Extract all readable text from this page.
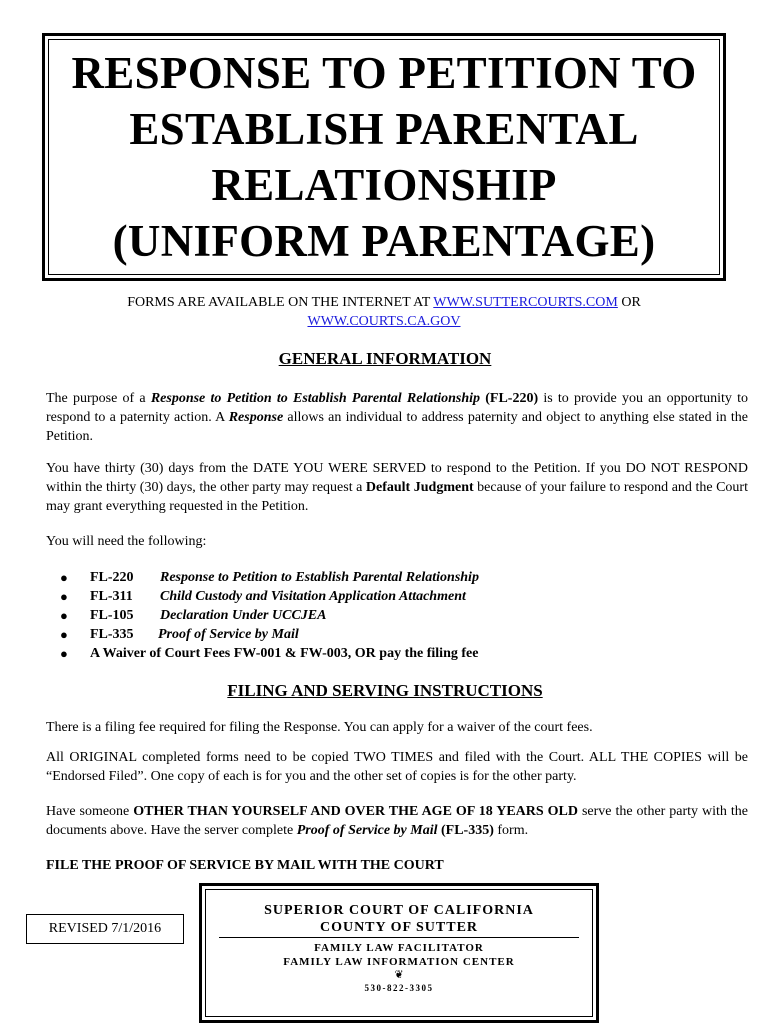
RESPONSE TO PETITION TO
ESTABLISH PARENTAL
RELATIONSHIP
(UNIFORM PARENTAGE)
FORMS ARE AVAILABLE ON THE INTERNET AT WWW.SUTTERCOURTS.COM OR
WWW.COURTS.CA.GOV
GENERAL INFORMATION
The purpose of a Response to Petition to Establish Parental Relationship (FL-220) is to provide you an opportunity to respond to a paternity action. A Response allows an individual to address paternity and object to anything else stated in the Petition.
You have thirty (30) days from the DATE YOU WERE SERVED to respond to the Petition. If you DO NOT RESPOND within the thirty (30) days, the other party may request a Default Judgment because of your failure to respond and the Court may grant everything requested in the Petition.
You will need the following:
●	FL-220	Response to Petition to Establish Parental Relationship
●	FL-311	Child Custody and Visitation Application Attachment
●	FL-105	Declaration Under UCCJEA
●	FL-335	Proof of Service by Mail
●	A Waiver of Court Fees FW-001 & FW-003, OR pay the filing fee
FILING AND SERVING INSTRUCTIONS
There is a filing fee required for filing the Response. You can apply for a waiver of the court fees.
All ORIGINAL completed forms need to be copied TWO TIMES and filed with the Court. ALL THE COPIES will be “Endorsed Filed”. One copy of each is for you and the other set of copies is for the other party.
Have someone OTHER THAN YOURSELF AND OVER THE AGE OF 18 YEARS OLD serve the other party with the documents above. Have the server complete Proof of Service by Mail (FL-335) form.
FILE THE PROOF OF SERVICE BY MAIL WITH THE COURT
REVISED 7/1/2016
SUPERIOR COURT OF CALIFORNIA
COUNTY OF SUTTER
FAMILY LAW FACILITATOR
FAMILY LAW INFORMATION CENTER
❦
530-822-3305
